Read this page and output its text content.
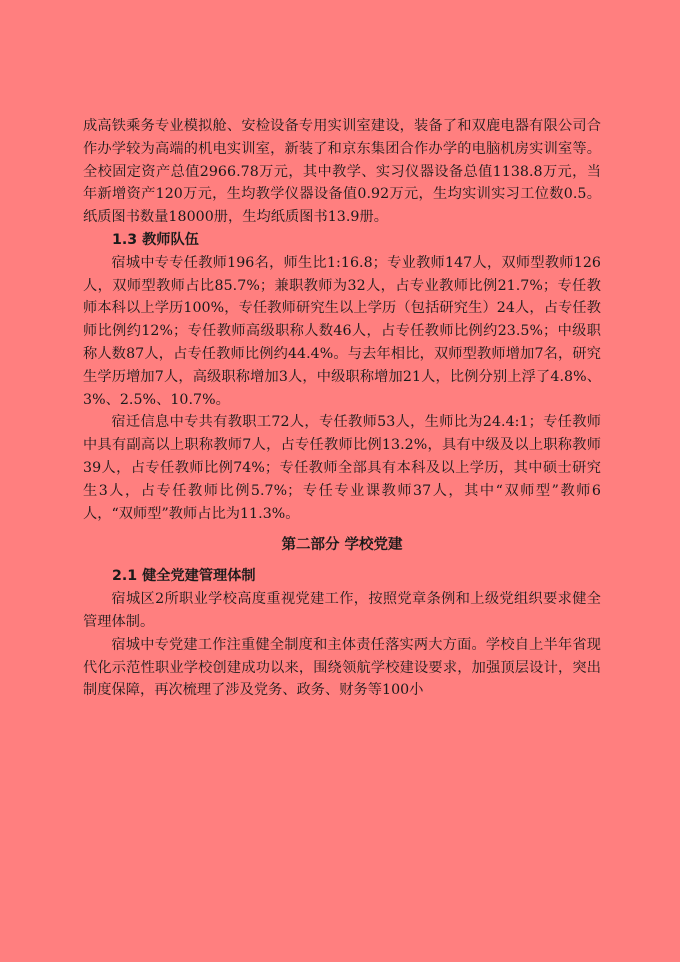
成高铁乘务专业模拟舱、安检设备专用实训室建设，装备了和双鹿电器有限公司合作办学较为高端的机电实训室，新装了和京东集团合作办学的电脑机房实训室等。全校固定资产总值2966.78万元，其中教学、实习仪器设备总值1138.8万元，当年新增资产120万元，生均教学仪器设备值0.92万元，生均实训实习工位数0.5。纸质图书数量18000册，生均纸质图书13.9册。

1.3 教师队伍

宿城中专专任教师196名，师生比1:16.8；专业教师147人，双师型教师126人，双师型教师占比85.7%；兼职教师为32人，占专业教师比例21.7%；专任教师本科以上学历100%，专任教师研究生以上学历（包括研究生）24人，占专任教师比例约12%；专任教师高级职称人数46人，占专任教师比例约23.5%；中级职称人数87人，占专任教师比例约44.4%。与去年相比，双师型教师增加7名，研究生学历增加7人，高级职称增加3人，中级职称增加21人，比例分别上浮了4.8%、3%、2.5%、10.7%。

宿迁信息中专共有教职工72人，专任教师53人，生师比为24.4:1；专任教师中具有副高以上职称教师7人，占专任教师比例13.2%，具有中级及以上职称教师39人，占专任教师比例74%；专任教师全部具有本科及以上学历，其中硕士研究生3人，占专任教师比例5.7%；专任专业课教师37人，其中“双师型”教师6人，“双师型”教师占比为11.3%。

第二部分 学校党建
2.1 健全党建管理体制

宿城区2所职业学校高度重视党建工作，按照党章条例和上级党组织要求健全管理体制。

宿城中专党建工作注重健全制度和主体责任落实两大方面。学校自上半年省现代化示范性职业学校创建成功以来，围绕领航学校建设要求，加强顶层设计，突出制度保障，再次梳理了涉及党务、政务、财务等100小
